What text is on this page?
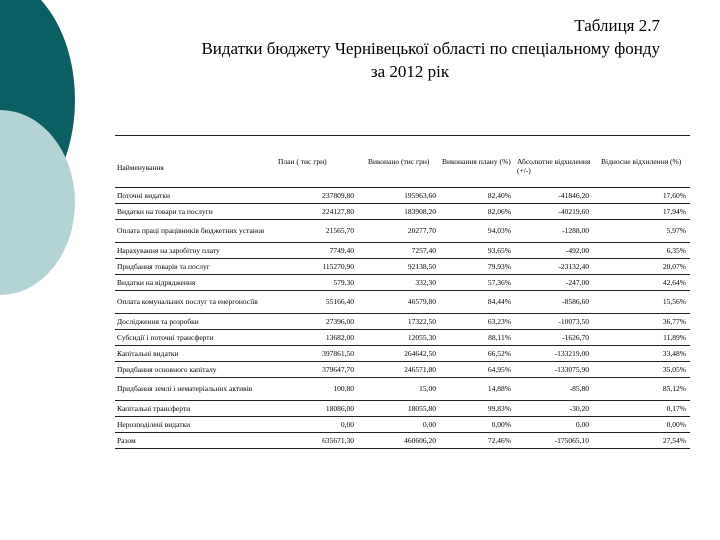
Таблиця 2.7
Видатки бюджету Чернівецької області по спеціальному фонду
за 2012 рік
Найменування	План ( тис грн)	Виконано (тис грн)	Виконання плану (%)	Абсолютне відхилення (+/-)	Відносне відхилення (%)
Поточні видатки	237809,80	195963,60	82,40%	-41846,20	17,60%
Видатки на товари та послуги	224127,80	183908,20	82,06%	-40219,60	17,94%
Оплата праці працівників бюджетних установ	21565,70	20277,70	94,03%	-1288,00	5,97%
Нарахування на заробітну плату	7749,40	7257,40	93,65%	-492,00	6,35%
Придбання товарів та послуг	115270,90	92138,50	79,93%	-23132,40	20,07%
Видатки на відрядження	579,30	332,30	57,36%	-247,00	42,64%
Оплата комунальних послуг та енергоносіїв	55166,40	46579,80	84,44%	-8586,60	15,56%
Дослідження та розробки	27396,00	17322,50	63,23%	-10073,50	36,77%
Субсидії і поточні трансферти	13682,00	12055,30	88,11%	-1626,70	11,89%
Капітальні видатки	397861,50	264642,50	66,52%	-133219,00	33,48%
Придбання основного капіталу	379647,70	246571,80	64,95%	-133075,90	35,05%
Придбання землі і нематеріальних активів	100,80	15,00	14,88%	-85,80	85,12%
Капітальні трансферти	18086,00	18055,80	99,83%	-30,20	0,17%
Нерозподілені видатки	0,00	0,00	0,00%	0,00	0,00%
Разом	635671,30	460606,20	72,46%	-175065,10	27,54%
